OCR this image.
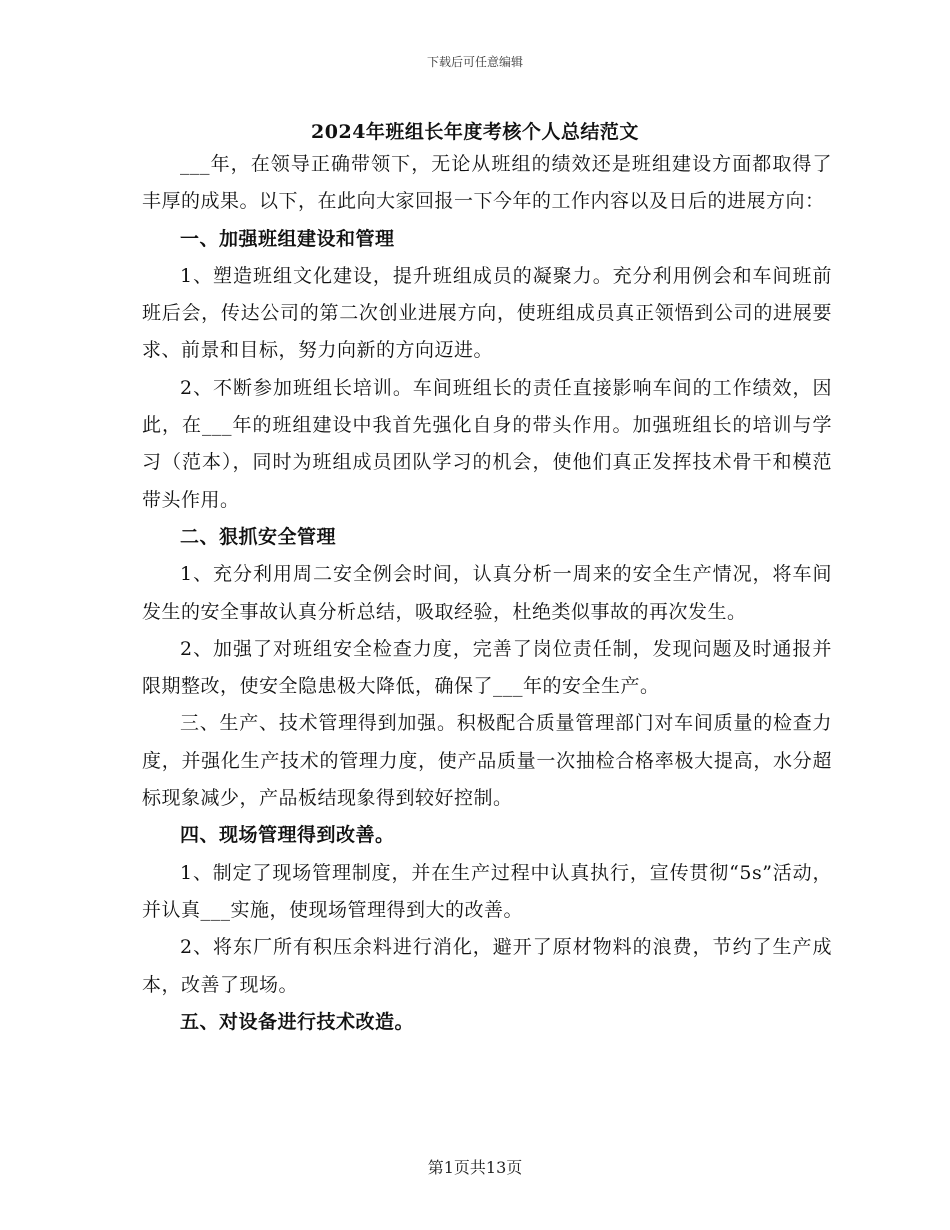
下载后可任意编辑
2024年班组长年度考核个人总结范文

___年，在领导正确带领下，无论从班组的绩效还是班组建设方面都取得了丰厚的成果。以下，在此向大家回报一下今年的工作内容以及日后的进展方向：

一、加强班组建设和管理

1、塑造班组文化建设，提升班组成员的凝聚力。充分利用例会和车间班前班后会，传达公司的第二次创业进展方向，使班组成员真正领悟到公司的进展要求、前景和目标，努力向新的方向迈进。

2、不断参加班组长培训。车间班组长的责任直接影响车间的工作绩效，因此，在___年的班组建设中我首先强化自身的带头作用。加强班组长的培训与学习（范本），同时为班组成员团队学习的机会，使他们真正发挥技术骨干和模范带头作用。

二、狠抓安全管理

1、充分利用周二安全例会时间，认真分析一周来的安全生产情况，将车间发生的安全事故认真分析总结，吸取经验，杜绝类似事故的再次发生。

2、加强了对班组安全检查力度，完善了岗位责任制，发现问题及时通报并限期整改，使安全隐患极大降低，确保了___年的安全生产。

三、生产、技术管理得到加强。积极配合质量管理部门对车间质量的检查力度，并强化生产技术的管理力度，使产品质量一次抽检合格率极大提高，水分超标现象减少，产品板结现象得到较好控制。

四、现场管理得到改善。

1、制定了现场管理制度，并在生产过程中认真执行，宣传贯彻“5s”活动，并认真___实施，使现场管理得到大的改善。

2、将东厂所有积压余料进行消化，避开了原材物料的浪费，节约了生产成本，改善了现场。

五、对设备进行技术改造。

第1页共13页
